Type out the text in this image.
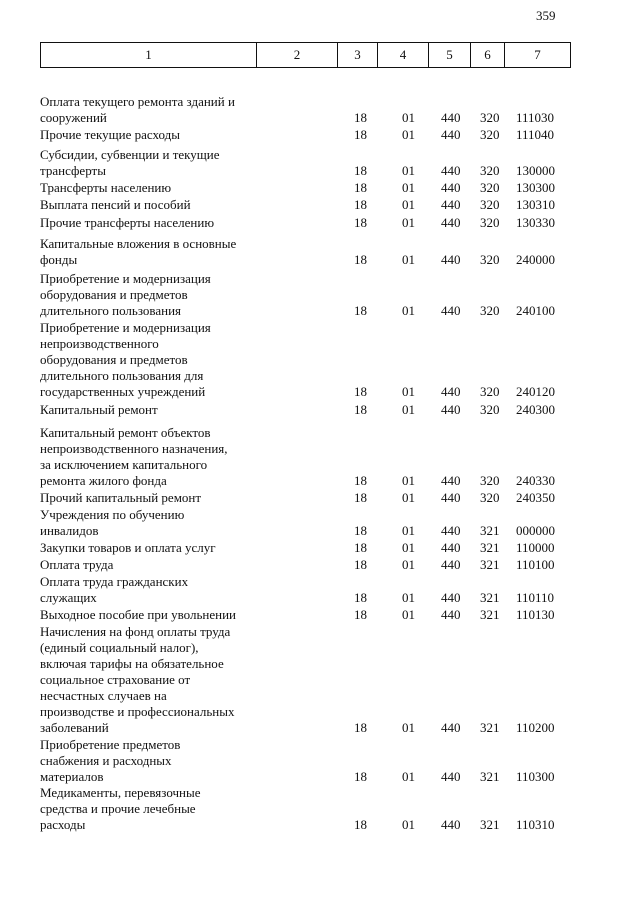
359
1	2	3	4	5	6	7
Оплата текущего ремонта зданий и
сооружений	18	01 440 320 111030
Прочие текущие расходы	18	01 440 320 111040
Субсидии, субвенции и текущие
трансферты	18	01 440 320 130000
Трансферты населению	18	01 440 320 130300
Выплата пенсий и пособий	18	01 440 320 130310
Прочие трансферты населению	18	01 440 320 130330
Капитальные вложения в основные
фонды	18	01 440 320 240000
Приобретение и модернизация
оборудования и предметов
длительного пользования	18	01 440 320 240100
Приобретение и модернизация
непроизводственного
оборудования и предметов
длительного пользования для
государственных учреждений	18	01 440 320 240120
Капитальный ремонт	18	01 440 320 240300
Капитальный ремонт объектов
непроизводственного назначения,
за исключением капитального
ремонта жилого фонда	18	01 440 320 240330
Прочий капитальный ремонт	18	01 440 320 240350
Учреждения по обучению
инвалидов	18	01 440 321 000000
Закупки товаров и оплата услуг	18	01 440 321 110000
Оплата труда	18	01 440 321 110100
Оплата труда гражданских
служащих	18	01 440 321 110110
Выходное пособие при увольнении	18	01 440 321 110130
Начисления на фонд оплаты труда
(единый социальный налог),
включая тарифы на обязательное
социальное страхование от
несчастных случаев на
производстве и профессиональных
заболеваний	18	01 440 321 110200
Приобретение предметов
снабжения и расходных
материалов	18	01 440 321 110300
Медикаменты, перевязочные
средства и прочие лечебные
расходы	18	01 440 321 110310
